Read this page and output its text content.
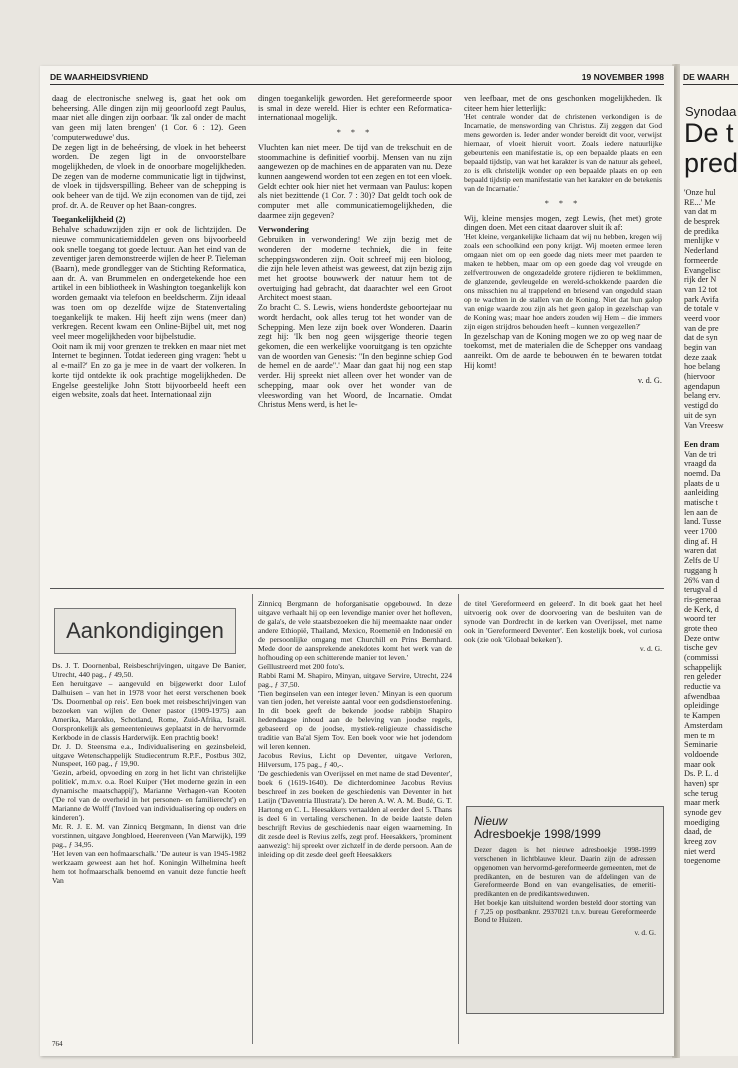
DE WAARHEIDSVRIEND	19 NOVEMBER 1998

daag de electronische snelweg is, gaat het ook om beheersing. Alle dingen zijn mij geoorloofd zegt Paulus, maar niet alle dingen zijn oorbaar. 'Ik zal onder de macht van geen mij laten brengen' (1 Cor. 6 : 12). Geen 'computerweduwe' dus.

De zegen ligt in de beheérsing, de vloek in het beheerst worden. De zegen ligt in de onvoorstelbare mogelijkheden, de vloek in de onoorbare mogelijkheden. De zegen van de moderne communicatie ligt in tijdwinst, de vloek in tijdsverspilling. Beheer van de schepping is ook beheer van de tijd. We zijn economen van de tijd, zei prof. dr. A. de Reuver op het Baan-congres.

Toegankelijkheid (2)

Behalve schaduwzijden zijn er ook de lichtzijden. De nieuwe communicatiemiddelen geven ons bijvoorbeeld ook snelle toegang tot goede lectuur. Aan het eind van de zeventiger jaren demonstreerde wijlen de heer P. Tieleman (Baarn), mede grondlegger van de Stichting Reformatica, aan dr. A. van Brummelen en ondergetekende hoe een artikel in een bibliotheek in Washington toegankelijk kon worden gemaakt via telefoon en beeldscherm. Zijn ideaal was toen om op dezelfde wijze de Statenvertaling toegankelijk te maken. Hij heeft zijn wens (meer dan) verkregen. Recent kwam een Online-Bijbel uit, met nog veel meer mogelijkheden voor bijbelstudie.

Ooit nam ik mij voor grenzen te trekken en maar niet met Internet te beginnen. Totdat iedereen ging vragen: 'hebt u al e-mail?' En zo ga je mee in de vaart der volkeren. In korte tijd ontdekte ik ook prachtige mogelijkheden. De Engelse geestelijke John Stott bijvoorbeeld heeft een eigen website, zoals dat heet. Internationaal zijn

dingen toegankelijk geworden. Het gereformeerde spoor is smal in deze wereld. Hier is echter een Reformatica-internationaal mogelijk.

* * *

Vluchten kan niet meer. De tijd van de trekschuit en de stoommachine is definitief voorbij. Mensen van nu zijn aangewezen op de machines en de apparaten van nu. Deze kunnen aangewend worden tot een zegen en tot een vloek. Geldt echter ook hier niet het vermaan van Paulus: kopen als niet bezittende (1 Cor. 7 : 30)? Dat geldt toch ook de computer met alle communicatiemogelijkheden, die daarmee zijn gegeven?

Verwondering

Gebruiken in verwondering! We zijn bezig met de wonderen der moderne techniek, die in feite scheppingswonderen zijn. Ooit schreef mij een bioloog, die zijn hele leven atheist was geweest, dat zijn bezig zijn met het grootse bouwwerk der natuur hem tot de overtuiging had gebracht, dat daarachter wel een Groot Architect moest staan.

Zo bracht C. S. Lewis, wiens honderdste geboortejaar nu wordt herdacht, ook alles terug tot het wonder van de Schepping. Men leze zijn boek over Wonderen. Daarin zegt hij: 'Ik ben nog geen wijsgerige theorie tegen gekomen, die een werkelijke vooruitgang is ten opzichte van de woorden van Genesis: "In den beginne schiep God de hemel en de aarde".' Maar dan gaat hij nog een stap verder. Hij spreekt niet alleen over het wonder van de schepping, maar ook over het wonder van de vleeswording van het Woord, de Incarnatie. Omdat Christus Mens werd, is het le-

ven leefbaar, met de ons geschonken mogelijkheden. Ik citeer hem hier letterlijk:

'Het centrale wonder dat de christenen verkondigen is de Incarnatie, de menswording van Christus. Zij zeggen dat God mens geworden is. Ieder ander wonder bereidt dit voor, verwijst hiernaar, of vloeit hieruit voort. Zoals iedere natuurlijke gebeurtenis een manifestatie is, op een bepaalde plaats en een bepaald tijdstip, van wat het karakter is van de natuur als geheel, zo is elk christelijk wonder op een bepaalde plaats en op een bepaald tijdstip een manifestatie van het karakter en de betekenis van de Incarnatie.'

* * *

Wij, kleine mensjes mogen, zegt Lewis, (het met) grote dingen doen. Met een citaat daarover sluit ik af:

'Het kleine, vergankelijke lichaam dat wij nu hebben, kregen wij zoals een schoolkind een pony krijgt. Wij moeten ermee leren omgaan niet om op een goede dag niets meer met paarden te maken te hebben, maar om op een goede dag vol vreugde en zelfvertrouwen de ongezadelde grotere rijdieren te beklimmen, de glanzende, gevleugelde en wereld-schokkende paarden die ons misschien nu al trappelend en briesend van ongeduld staan op te wachten in de stallen van de Koning. Niet dat hun galop van enige waarde zou zijn als het geen galop in gezelschap van de Koning was; maar hoe anders zouden wij Hem – die immers zijn eigen strijdros behouden heeft – kunnen vergezellen?'

In gezelschap van de Koning mogen we zo op weg naar de toekomst, met de materialen die de Schepper ons vandaag aanreikt. Om de aarde te bebouwen én te bewaren totdat Hij komt!

v. d. G.

Aankondigingen

Ds. J. T. Doornenbal, Reisbeschrijvingen, uitgave De Banier, Utrecht, 440 pag., ƒ 49,50.

Een heruitgave – aangevuld en bijgewerkt door Lulof Dalhuisen – van het in 1978 voor het eerst verschenen boek 'Ds. Doornenbal op reis'. Een boek met reisbeschrijvingen van bezoeken van wijlen de Oener pastor (1909-1975) aan Amerika, Marokko, Schotland, Rome, Zuid-Afrika, Israël. Oorspronkelijk als gemeentenieuws geplaatst in de hervormde Kerkbode in de classis Harderwijk. Een prachtig boek!

Dr. J. D. Steensma e.a., Individualisering en gezinsbeleid, uitgave Wetenschappelijk Studiecentrum R.P.F., Postbus 302, Nunspeet, 160 pag., ƒ 19,90.

'Gezin, arbeid, opvoeding en zorg in het licht van christelijke politiek', m.m.v. o.a. Roel Kuiper ('Het moderne gezin in een dynamische maatschappij'), Marianne Verhagen-van Kooten ('De rol van de overheid in het personen- en familierecht') en Marianne de Wolff ('Invloed van individualisering op ouders en kinderen').

Mr. R. J. E. M. van Zinnicq Bergmann, In dienst van drie vorstinnen, uitgave Jongbloed, Heerenveen (Van Marwijk), 199 pag., ƒ 34,95.

'Het leven van een hofmaarschalk.' 'De auteur is van 1945-1982 werkzaam geweest aan het hof. Koningin Wilhelmina heeft hem tot hofmaarschalk benoemd en vanuit deze functie heeft Van

Zinnicq Bergmann de hoforganisatie opgebouwd. In deze uitgave verhaalt hij op een levendige manier over het hofleven, de gala's, de vele staatsbezoeken die hij meemaakte naar onder andere Ethiopië, Thailand, Mexico, Roemenië en Indonesië en de persoonlijke omgang met Churchill en Prins Bernhard. Mede door de aansprekende anekdotes komt het werk van de hofhouding op een schitterende manier tot leven.'

Geïllustreerd met 200 foto's.

Rabbi Rami M. Shapiro, Minyan, uitgave Servire, Utrecht, 224 pag., ƒ 37,50.

'Tien beginselen van een integer leven.' Minyan is een quorum van tien joden, het vereiste aantal voor een godsdienstoefening. In dit boek geeft de bekende joodse rabbijn Shapiro hedendaagse inhoud aan de beleving van joodse regels, gebaseerd op de joodse, mystiek-religieuze chassidische traditie van Ba'al Sjem Tov. Een boek voor wie het jodendom wil leren kennen.

Jacobus Revius, Licht op Deventer, uitgave Verloren, Hilversum, 175 pag., ƒ 40,-.

'De geschiedenis van Overijssel en met name de stad Deventer', boek 6 (1619-1640). De dichterdominee Jacobus Revius beschreef in zes boeken de geschiedenis van Deventer in het Latijn ('Daventria Illustrata'). De heren A. W. A. M. Budé, G. T. Hartong en C. L. Heesakkers vertaalden al eerder deel 5. Thans is deel 6 in vertaling verschenen. In de beide laatste delen beschrijft Revius de geschiedenis naar eigen waarneming. In dit zesde deel is Revius zelfs, zegt prof. Heesakkers, 'prominent aanwezig': hij spreekt over zichzelf in de derde persoon. Aan de inleiding op dit zesde deel geeft Heesakkers

de titel 'Gereformeerd en geleerd'. In dit boek gaat het heel uitvoerig ook over de doorvoering van de besluiten van de synode van Dordrecht in de kerken van Overijssel, met name ook in 'Gereformeerd Deventer'. Een kostelijk boek, vol curiosa ook (zie ook 'Globaal bekeken').

v. d. G.

Nieuw
Adresboekje 1998/1999

Dezer dagen is het nieuwe adresboekje 1998-1999 verschenen in lichtblauwe kleur. Daarin zijn de adressen opgenomen van hervormd-gereformeerde gemeenten, met de predikanten, en de besturen van de afdelingen van de Gereformeerde Bond en van evangelisaties, de emeriti-predikanten en de predikantsweduwen.

Het boekje kan uitsluitend worden besteld door storting van ƒ 7,25 op postbanknr. 2937021 t.n.v. bureau Gereformeerde Bond te Huizen.

v. d. G.

764
DE WAARH
Synodaa
De t
pred
'Onze hul
RE...' Me
van dat m
de besprek
de predika
menlijke v
Nederland
formeerde
Evangelisc
rijk der N
van 12 tot
park Avifa
de totale v
veerd voor
van de pre
dat de syn
begin van
deze zaak
hoe belang
(hiervoor
agendapun
belang erv.
vestigd do
uit de syn
Van Vreesw
Een dram
Van de tri
vraagd da
noemd. Da
plaats de u
aanleiding
matische t
len aan de
land. Tusse
veer 1700
ding af. H
waren dat
Zelfs de U
ruggang h
26% van d
terugval d
ris-generaa
de Kerk, d
woord ter
grote theo
Deze ontw
tische gev
(commissi
schappelijk
ren geleder
reductie va
afwendbaa
opleidinge
te Kampen
Amsterdam
men te m
Seminarie
voldoende
maar ook
Ds. P. L. d
haven) spr
sche terug
maar merk
synode gev
moediging
daad, de
kreeg zov
niet werd
toegenome
